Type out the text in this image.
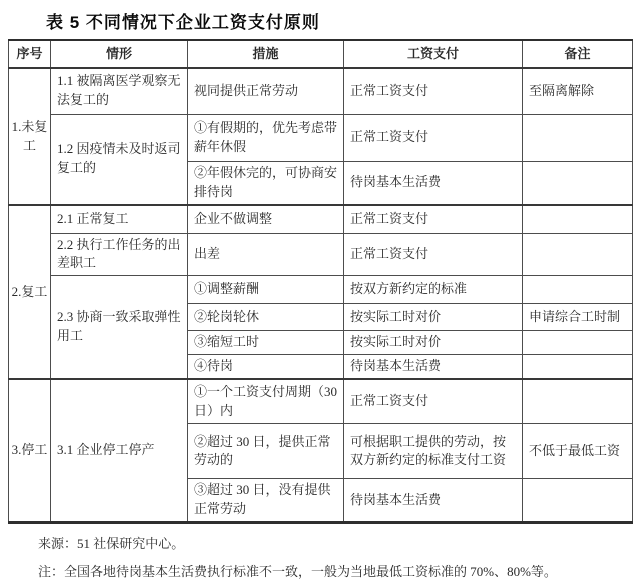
表 5 不同情况下企业工资支付原则
序号	情形	措施	工资支付	备注
1.未复工	1.1 被隔离医学观察无法复工的	视同提供正常劳动	正常工资支付	至隔离解除
	1.2 因疫情未及时返司复工的	①有假期的，优先考虑带薪年休假	正常工资支付	
		②年假休完的，可协商安排待岗	待岗基本生活费	
2.复工	2.1 正常复工	企业不做调整	正常工资支付	
	2.2 执行工作任务的出差职工	出差	正常工资支付	
	2.3 协商一致采取弹性用工	①调整薪酬	按双方新约定的标准	
		②轮岗轮休	按实际工时对价	申请综合工时制
		③缩短工时	按实际工时对价	
		④待岗	待岗基本生活费	
3.停工	3.1 企业停工停产	①一个工资支付周期（30 日）内	正常工资支付	
		②超过 30 日，提供正常劳动的	可根据职工提供的劳动，按双方新约定的标准支付工资	不低于最低工资
		③超过 30 日，没有提供正常劳动	待岗基本生活费	

来源：51 社保研究中心。

注：全国各地待岗基本生活费执行标准不一致，一般为当地最低工资标准的 70%、80%等。
